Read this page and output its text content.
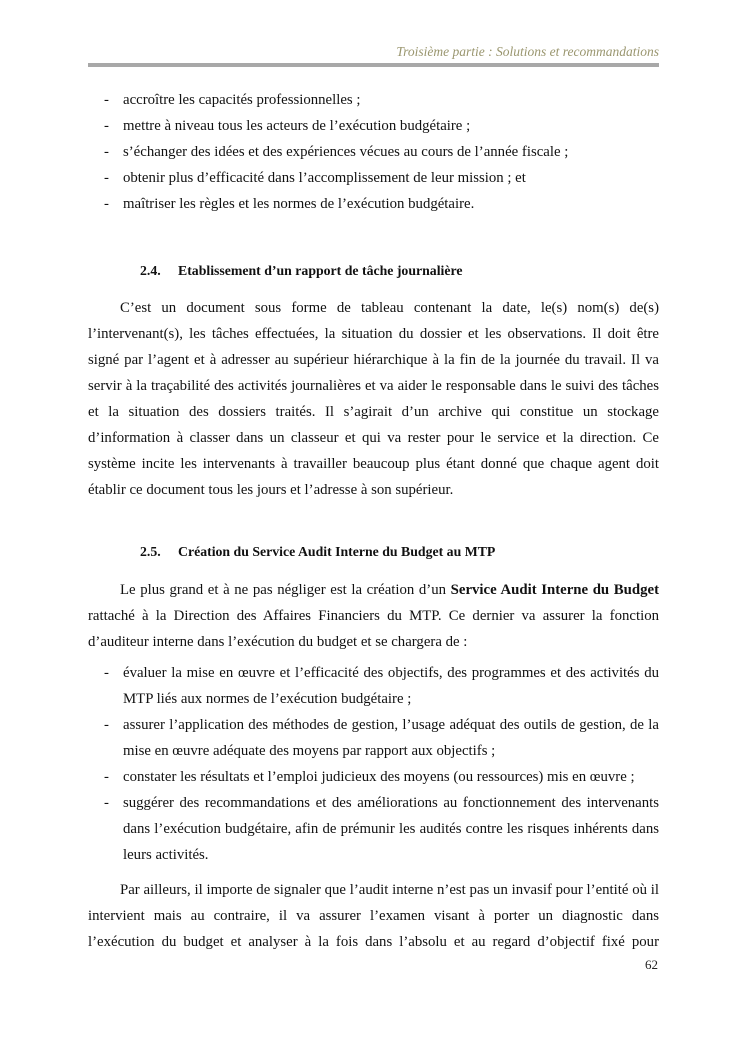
Troisième partie : Solutions et recommandations
- accroître les capacités professionnelles ;
- mettre à niveau tous les acteurs de l’exécution budgétaire ;
- s’échanger des idées et des expériences vécues au cours de l’année fiscale ;
- obtenir plus d’efficacité dans l’accomplissement de leur mission ; et
- maîtriser les règles et les normes de l’exécution budgétaire.
2.4. Etablissement d’un rapport de tâche journalière

C’est un document sous forme de tableau contenant la date, le(s) nom(s) de(s) l’intervenant(s), les tâches effectuées, la situation du dossier et les observations. Il doit être signé par l’agent et à adresser au supérieur hiérarchique à la fin de la journée du travail. Il va servir à la traçabilité des activités journalières et va aider le responsable dans le suivi des tâches et la situation des dossiers traités. Il s’agirait d’un archive qui constitue un stockage d’information à classer dans un classeur et qui va rester pour le service et la direction. Ce système incite les intervenants à travailler beaucoup plus étant donné que chaque agent doit établir ce document tous les jours et l’adresse à son supérieur.

2.5. Création du Service Audit Interne du Budget au MTP

Le plus grand et à ne pas négliger est la création d’un Service Audit Interne du Budget rattaché à la Direction des Affaires Financiers du MTP. Ce dernier va assurer la fonction d’auditeur interne dans l’exécution du budget et se chargera de :

- évaluer la mise en œuvre et l’efficacité des objectifs, des programmes et des activités du MTP liés aux normes de l’exécution budgétaire ;
- assurer l’application des méthodes de gestion, l’usage adéquat des outils de gestion, de la mise en œuvre adéquate des moyens par rapport aux objectifs ;
- constater les résultats et l’emploi judicieux des moyens (ou ressources) mis en œuvre ;
- suggérer des recommandations et des améliorations au fonctionnement des intervenants dans l’exécution budgétaire, afin de prémunir les audités contre les risques inhérents dans leurs activités.

Par ailleurs, il importe de signaler que l’audit interne n’est pas un invasif pour l’entité où il intervient mais au contraire, il va assurer l’examen visant à porter un diagnostic dans l’exécution du budget et analyser à la fois dans l’absolu et au regard d’objectif fixé pour

62
